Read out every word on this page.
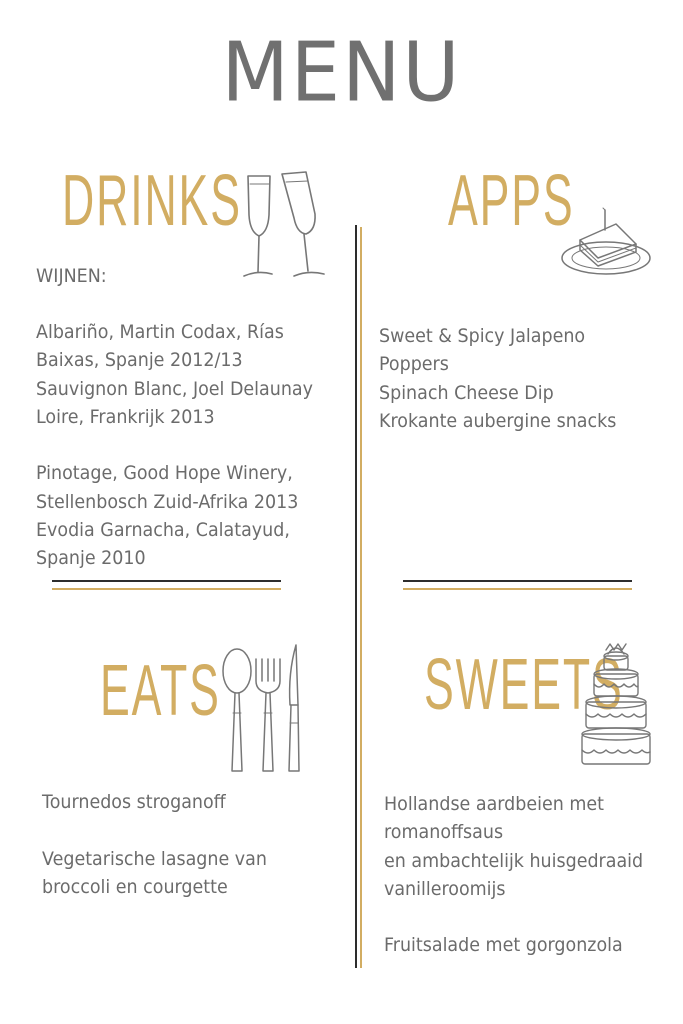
MENU
DRINKS
WIJNEN:
Albariño, Martin Codax, Rías
Baixas, Spanje 2012/13
Sauvignon Blanc, Joel Delaunay
Loire, Frankrijk 2013

Pinotage, Good Hope Winery,
Stellenbosch Zuid-Afrika 2013
Evodia Garnacha, Calatayud,
Spanje 2010
APPS
Sweet & Spicy Jalapeno
Poppers
Spinach Cheese Dip
Krokante aubergine snacks
EATS
Tournedos stroganoff

Vegetarische lasagne van
broccoli en courgette
SWEETS
Hollandse aardbeien met
romanoffsaus
en ambachtelijk huisgedraaid
vanilleroomijs

Fruitsalade met gorgonzola
